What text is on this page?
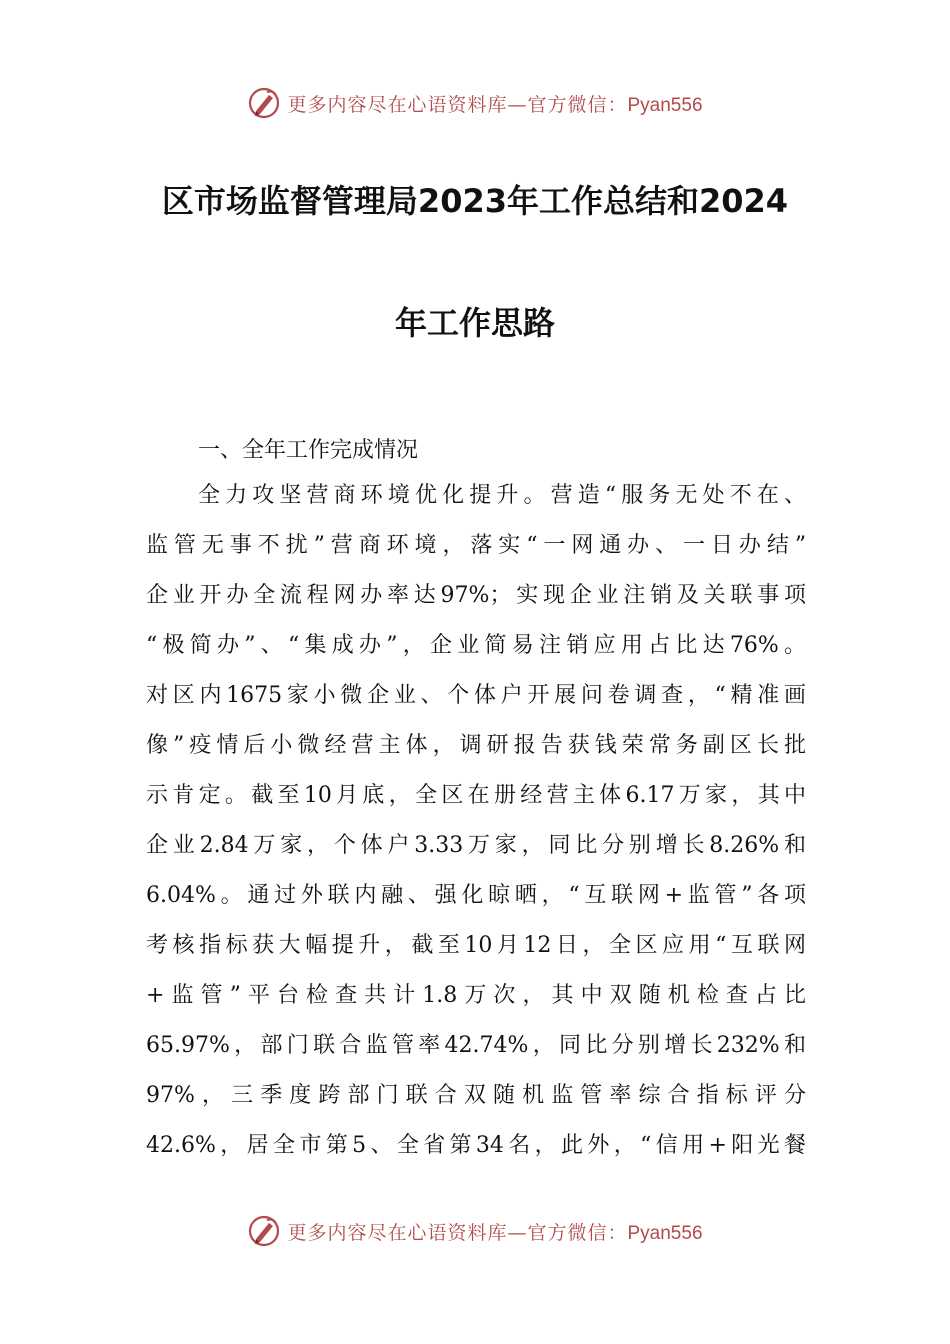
更多内容尽在心语资料库—官方微信：Pyan556
区市场监督管理局2023年工作总结和2024
年工作思路
一、全年工作完成情况
全力攻坚营商环境优化提升。营造“服务无处不在、
监管无事不扰”营商环境，落实“一网通办、一日办结”
企业开办全流程网办率达97%；实现企业注销及关联事项
“极简办”、“集成办”，企业简易注销应用占比达76%。
对区内1675家小微企业、个体户开展问卷调查，“精准画
像”疫情后小微经营主体，调研报告获钱荣常务副区长批
示肯定。截至10月底，全区在册经营主体6.17万家，其中
企业2.84万家，个体户3.33万家，同比分别增长8.26%和
6.04%。通过外联内融、强化晾晒，“互联网+监管”各项
考核指标获大幅提升，截至10月12日，全区应用“互联网
+监管”平台检查共计1.8万次，其中双随机检查占比
65.97%，部门联合监管率42.74%，同比分别增长232%和
97%，三季度跨部门联合双随机监管率综合指标评分
42.6%，居全市第5、全省第34名，此外，“信用+阳光餐
更多内容尽在心语资料库—官方微信：Pyan556
